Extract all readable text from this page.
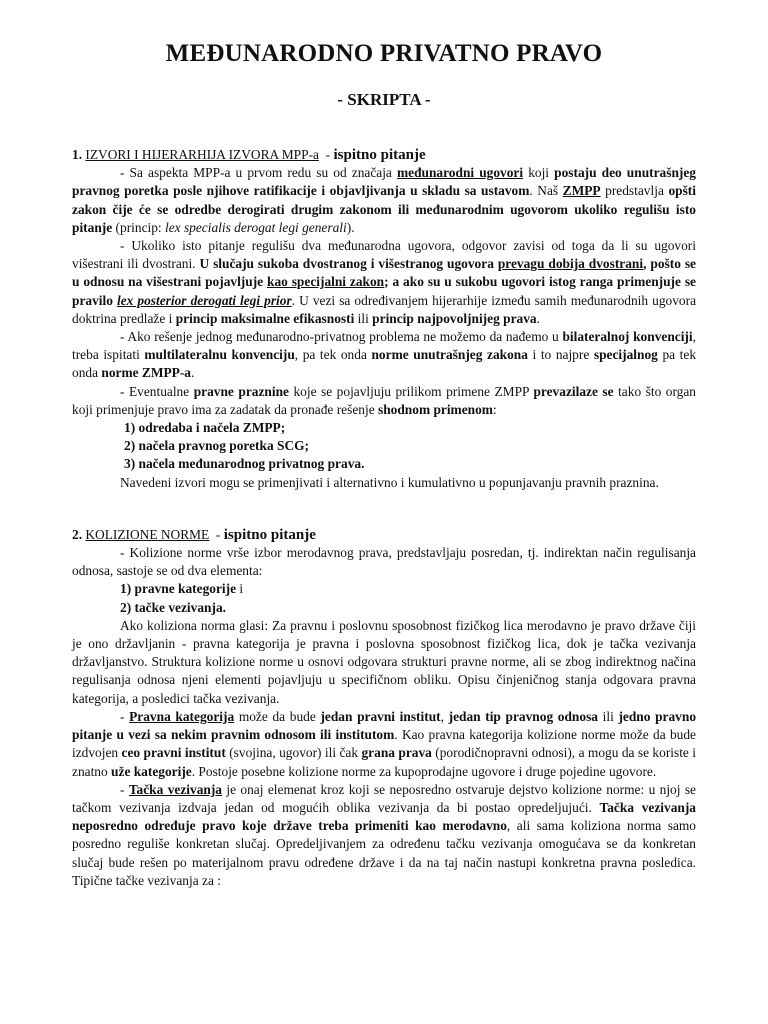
MEĐUNARODNO PRIVATNO PRAVO
- SKRIPTA -
1. IZVORI I HIJERARHIJA IZVORA MPP-a  - ispitno pitanje

- Sa aspekta MPP-a u prvom redu su od značaja međunarodni ugovori koji postaju deo unutrašnjeg pravnog poretka posle njihove ratifikacije i objavljivanja u skladu sa ustavom. Naš ZMPP predstavlja opšti zakon čije će se odredbe derogirati drugim zakonom ili međunarodnim ugovorom ukoliko regulišu isto pitanje (princip: lex specialis derogat legi generali).

- Ukoliko isto pitanje regulišu dva međunarodna ugovora, odgovor zavisi od toga da li su ugovori višestrani ili dvostrani. U slučaju sukoba dvostranog i višestranog ugovora prevagu dobija dvostrani, pošto se u odnosu na višestrani pojavljuje kao specijalni zakon; a ako su u sukobu ugovori istog ranga primenjuje se pravilo lex posterior derogati legi prior. U vezi sa određivanjem hijerarhije između samih međunarodnih ugovora doktrina predlaže i princip maksimalne efikasnosti ili princip najpovoljnijeg prava.

- Ako rešenje jednog međunarodno-privatnog problema ne možemo da nađemo u bilateralnoj konvenciji, treba ispitati multilateralnu konvenciju, pa tek onda norme unutrašnjeg zakona i to najpre specijalnog pa tek onda norme ZMPP-a.

- Eventualne pravne praznine koje se pojavljuju prilikom primene ZMPP prevazilaze se tako što organ koji primenjuje pravo ima za zadatak da pronađe rešenje shodnom primenom:

1) odredaba i načela ZMPP;
2) načela pravnog poretka SCG;
3) načela međunarodnog privatnog prava.

Navedeni izvori mogu se primenjivati i alternativno i kumulativno u popunjavanju pravnih praznina.

2. KOLIZIONE NORME  - ispitno pitanje

- Kolizione norme vrše izbor merodavnog prava, predstavljaju posredan, tj. indirektan način regulisanja odnosa, sastoje se od dva elementa:

1) pravne kategorije i
2) tačke vezivanja.

Ako koliziona norma glasi: Za pravnu i poslovnu sposobnost fizičkog lica merodavno je pravo države čiji je ono državljanin - pravna kategorija je pravna i poslovna sposobnost fizičkog lica, dok je tačka vezivanja državljanstvo. Struktura kolizione norme u osnovi odgovara strukturi pravne norme, ali se zbog indirektnog načina regulisanja odnosa njeni elementi pojavljuju u specifičnom obliku. Opisu činjeničnog stanja odgovara pravna kategorija, a posledici tačka vezivanja.

- Pravna kategorija može da bude jedan pravni institut, jedan tip pravnog odnosa ili jedno pravno pitanje u vezi sa nekim pravnim odnosom ili institutom. Kao pravna kategorija kolizione norme može da bude izdvojen ceo pravni institut (svojina, ugovor) ili čak grana prava (porodičnopravni odnosi), a mogu da se koriste i znatno uže kategorije. Postoje posebne kolizione norme za kupoprodajne ugovore i druge pojedine ugovore.

- Tačka vezivanja je onaj elemenat kroz koji se neposredno ostvaruje dejstvo kolizione norme: u njoj se tačkom vezivanja izdvaja jedan od mogućih oblika vezivanja da bi postao opredeljujući. Tačka vezivanja neposredno određuje pravo koje države treba primeniti kao merodavno, ali sama koliziona norma samo posredno reguliše konkretan slučaj. Opredeljivanjem za određenu tačku vezivanja omogućava se da konkretan slučaj bude rešen po materijalnom pravu određene države i da na taj način nastupi konkretna pravna posledica. Tipične tačke vezivanja za :
